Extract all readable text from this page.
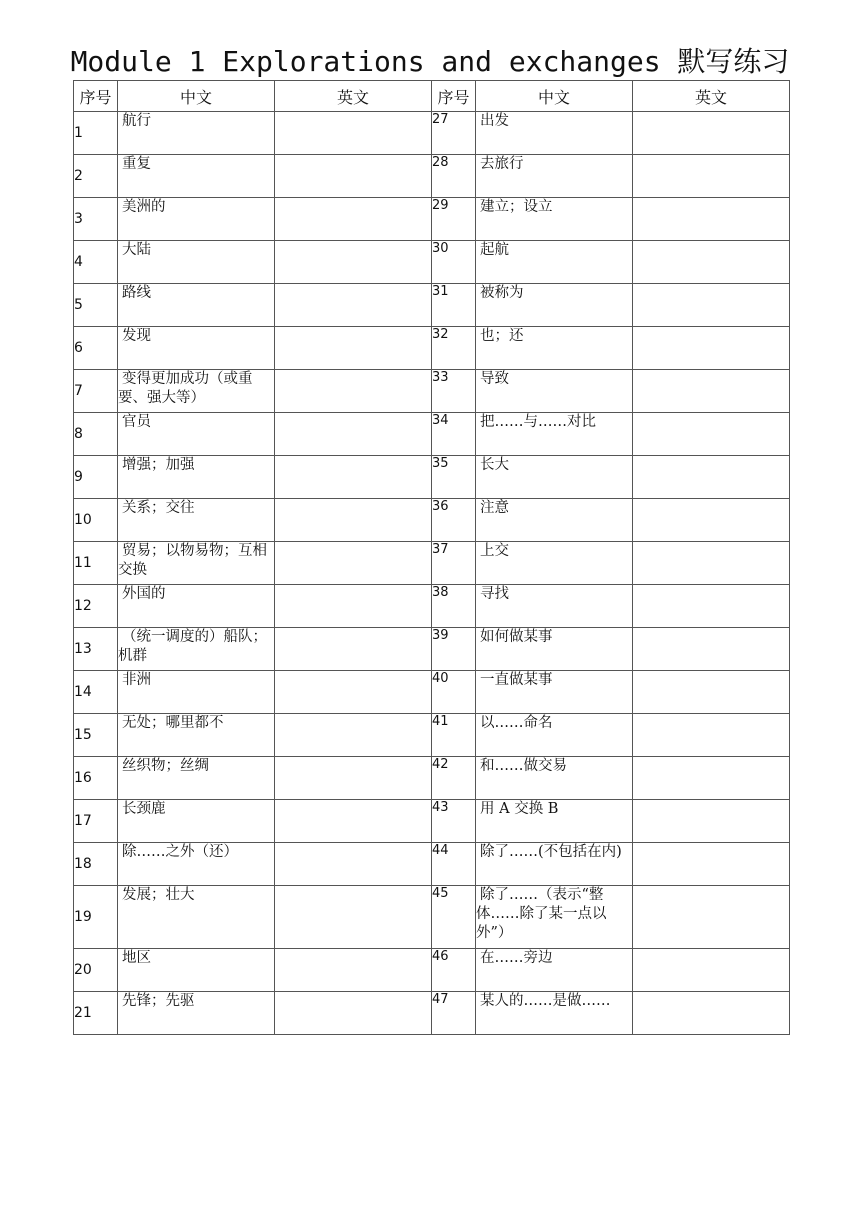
Module 1 Explorations and exchanges 默写练习
序号	中文	英文	序号	中文	英文
1	航行		27	出发	
2	重复		28	去旅行	
3	美洲的		29	建立；设立	
4	大陆		30	起航	
5	路线		31	被称为	
6	发现		32	也；还	
7	变得更加成功（或重要、强大等）		33	导致	
8	官员		34	把……与……对比	
9	增强；加强		35	长大	
10	关系；交往		36	注意	
11	贸易；以物易物；互相交换		37	上交	
12	外国的		38	寻找	
13	（统一调度的）船队；机群		39	如何做某事	
14	非洲		40	一直做某事	
15	无处；哪里都不		41	以……命名	
16	丝织物；丝绸		42	和……做交易	
17	长颈鹿		43	用 A 交换 B	
18	除……之外（还）		44	除了……(不包括在内)	
19	发展；壮大		45	除了……（表示“整体……除了某一点以外”）	
20	地区		46	在……旁边	
21	先锋；先驱		47	某人的……是做……	
